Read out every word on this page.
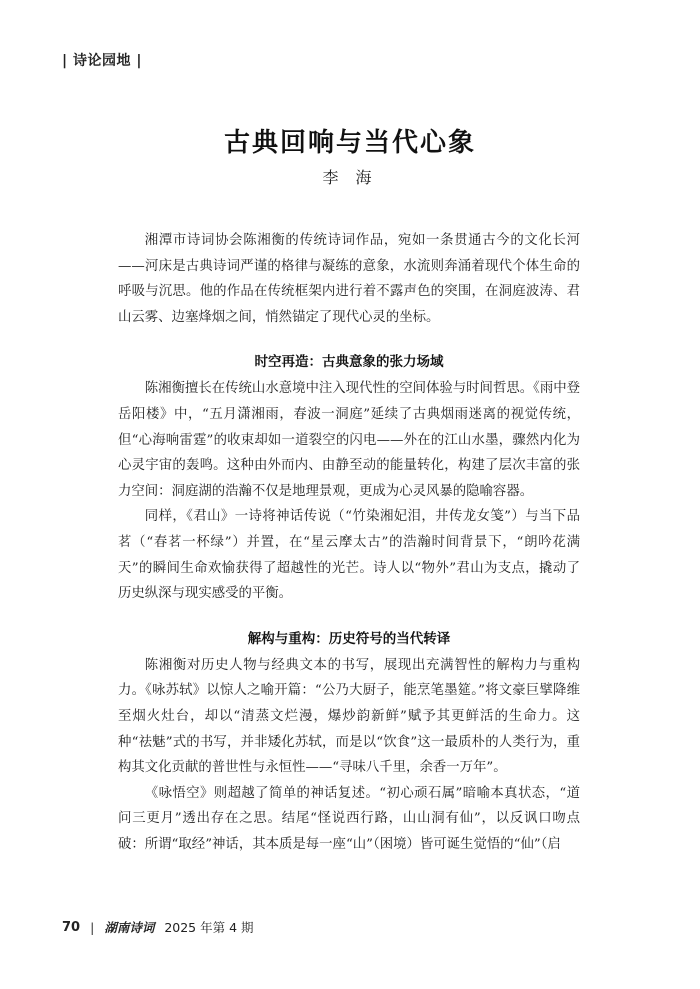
| 诗论园地 |
古典回响与当代心象
李 海

湘潭市诗词协会陈湘衡的传统诗词作品，宛如一条贯通古今的文化长河——河床是古典诗词严谨的格律与凝练的意象，水流则奔涌着现代个体生命的呼吸与沉思。他的作品在传统框架内进行着不露声色的突围，在洞庭波涛、君山云雾、边塞烽烟之间，悄然锚定了现代心灵的坐标。

时空再造：古典意象的张力场域

陈湘衡擅长在传统山水意境中注入现代性的空间体验与时间哲思。《雨中登岳阳楼》中，“五月潇湘雨，春波一洞庭”延续了古典烟雨迷离的视觉传统，但“心海响雷霆”的收束却如一道裂空的闪电——外在的江山水墨，骤然内化为心灵宇宙的轰鸣。这种由外而内、由静至动的能量转化，构建了层次丰富的张力空间：洞庭湖的浩瀚不仅是地理景观，更成为心灵风暴的隐喻容器。

同样，《君山》一诗将神话传说（“竹染湘妃泪，井传龙女笺”）与当下品茗（“春茗一杯绿”）并置，在“星云摩太古”的浩瀚时间背景下，“朗吟花满天”的瞬间生命欢愉获得了超越性的光芒。诗人以“物外”君山为支点，撬动了历史纵深与现实感受的平衡。

解构与重构：历史符号的当代转译

陈湘衡对历史人物与经典文本的书写，展现出充满智性的解构力与重构力。《咏苏轼》以惊人之喻开篇：“公乃大厨子，能烹笔墨筵。”将文豪巨擘降维至烟火灶台，却以“清蒸文烂漫，爆炒韵新鲜”赋予其更鲜活的生命力。这种“祛魅”式的书写，并非矮化苏轼，而是以“饮食”这一最质朴的人类行为，重构其文化贡献的普世性与永恒性——“寻味八千里，余香一万年”。

《咏悟空》则超越了简单的神话复述。“初心顽石属”暗喻本真状态，“道问三更月”透出存在之思。结尾“怪说西行路，山山洞有仙”，以反讽口吻点破：所谓“取经”神话，其本质是每一座“山”（困境）皆可诞生觉悟的“仙”（启

70 | 湖南诗词 2025 年第 4 期
